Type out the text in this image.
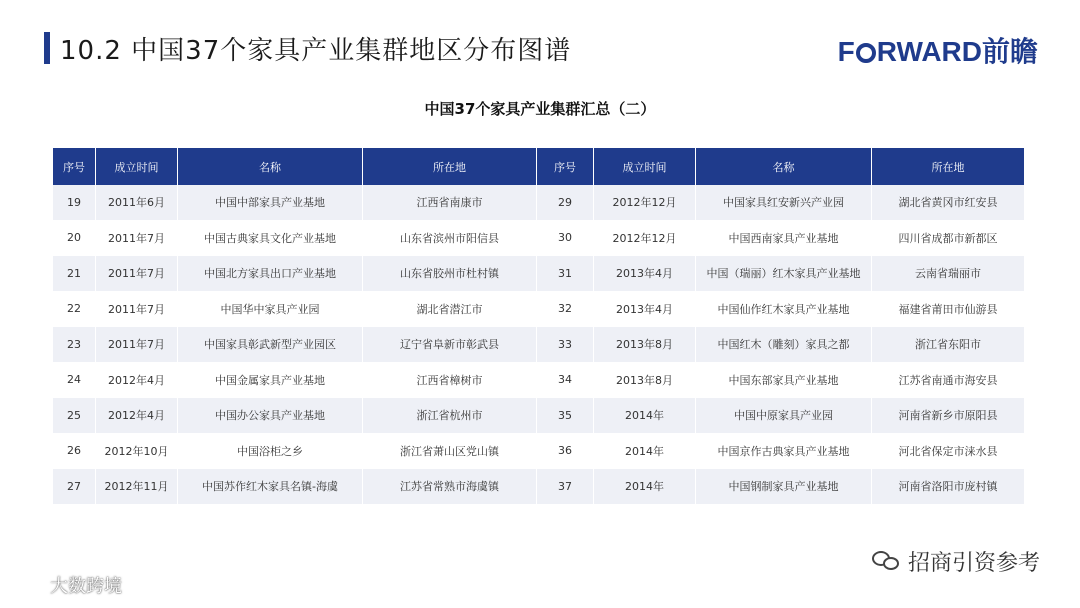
10.2 中国37个家具产业集群地区分布图谱	F RWARD前瞻
中国37个家具产业集群汇总（二）
序号	成立时间	名称	所在地	序号	成立时间	名称	所在地
19	2011年6月	中国中部家具产业基地	江西省南康市	29	2012年12月	中国家具红安新兴产业园	湖北省黄冈市红安县
20	2011年7月	中国古典家具文化产业基地	山东省滨州市阳信县	30	2012年12月	中国西南家具产业基地	四川省成都市新都区
21	2011年7月	中国北方家具出口产业基地	山东省胶州市杜村镇	31	2013年4月	中国（瑞丽）红木家具产业基地	云南省瑞丽市
22	2011年7月	中国华中家具产业园	湖北省潜江市	32	2013年4月	中国仙作红木家具产业基地	福建省莆田市仙游县
23	2011年7月	中国家具彰武新型产业园区	辽宁省阜新市彰武县	33	2013年8月	中国红木（雕刻）家具之都	浙江省东阳市
24	2012年4月	中国金属家具产业基地	江西省樟树市	34	2013年8月	中国东部家具产业基地	江苏省南通市海安县
25	2012年4月	中国办公家具产业基地	浙江省杭州市	35	2014年	中国中原家具产业园	河南省新乡市原阳县
26	2012年10月	中国浴柜之乡	浙江省萧山区党山镇	36	2014年	中国京作古典家具产业基地	河北省保定市涞水县
27	2012年11月	中国苏作红木家具名镇-海虞	江苏省常熟市海虞镇	37	2014年	中国钢制家具产业基地	河南省洛阳市庞村镇
招商引资参考
大数跨境
